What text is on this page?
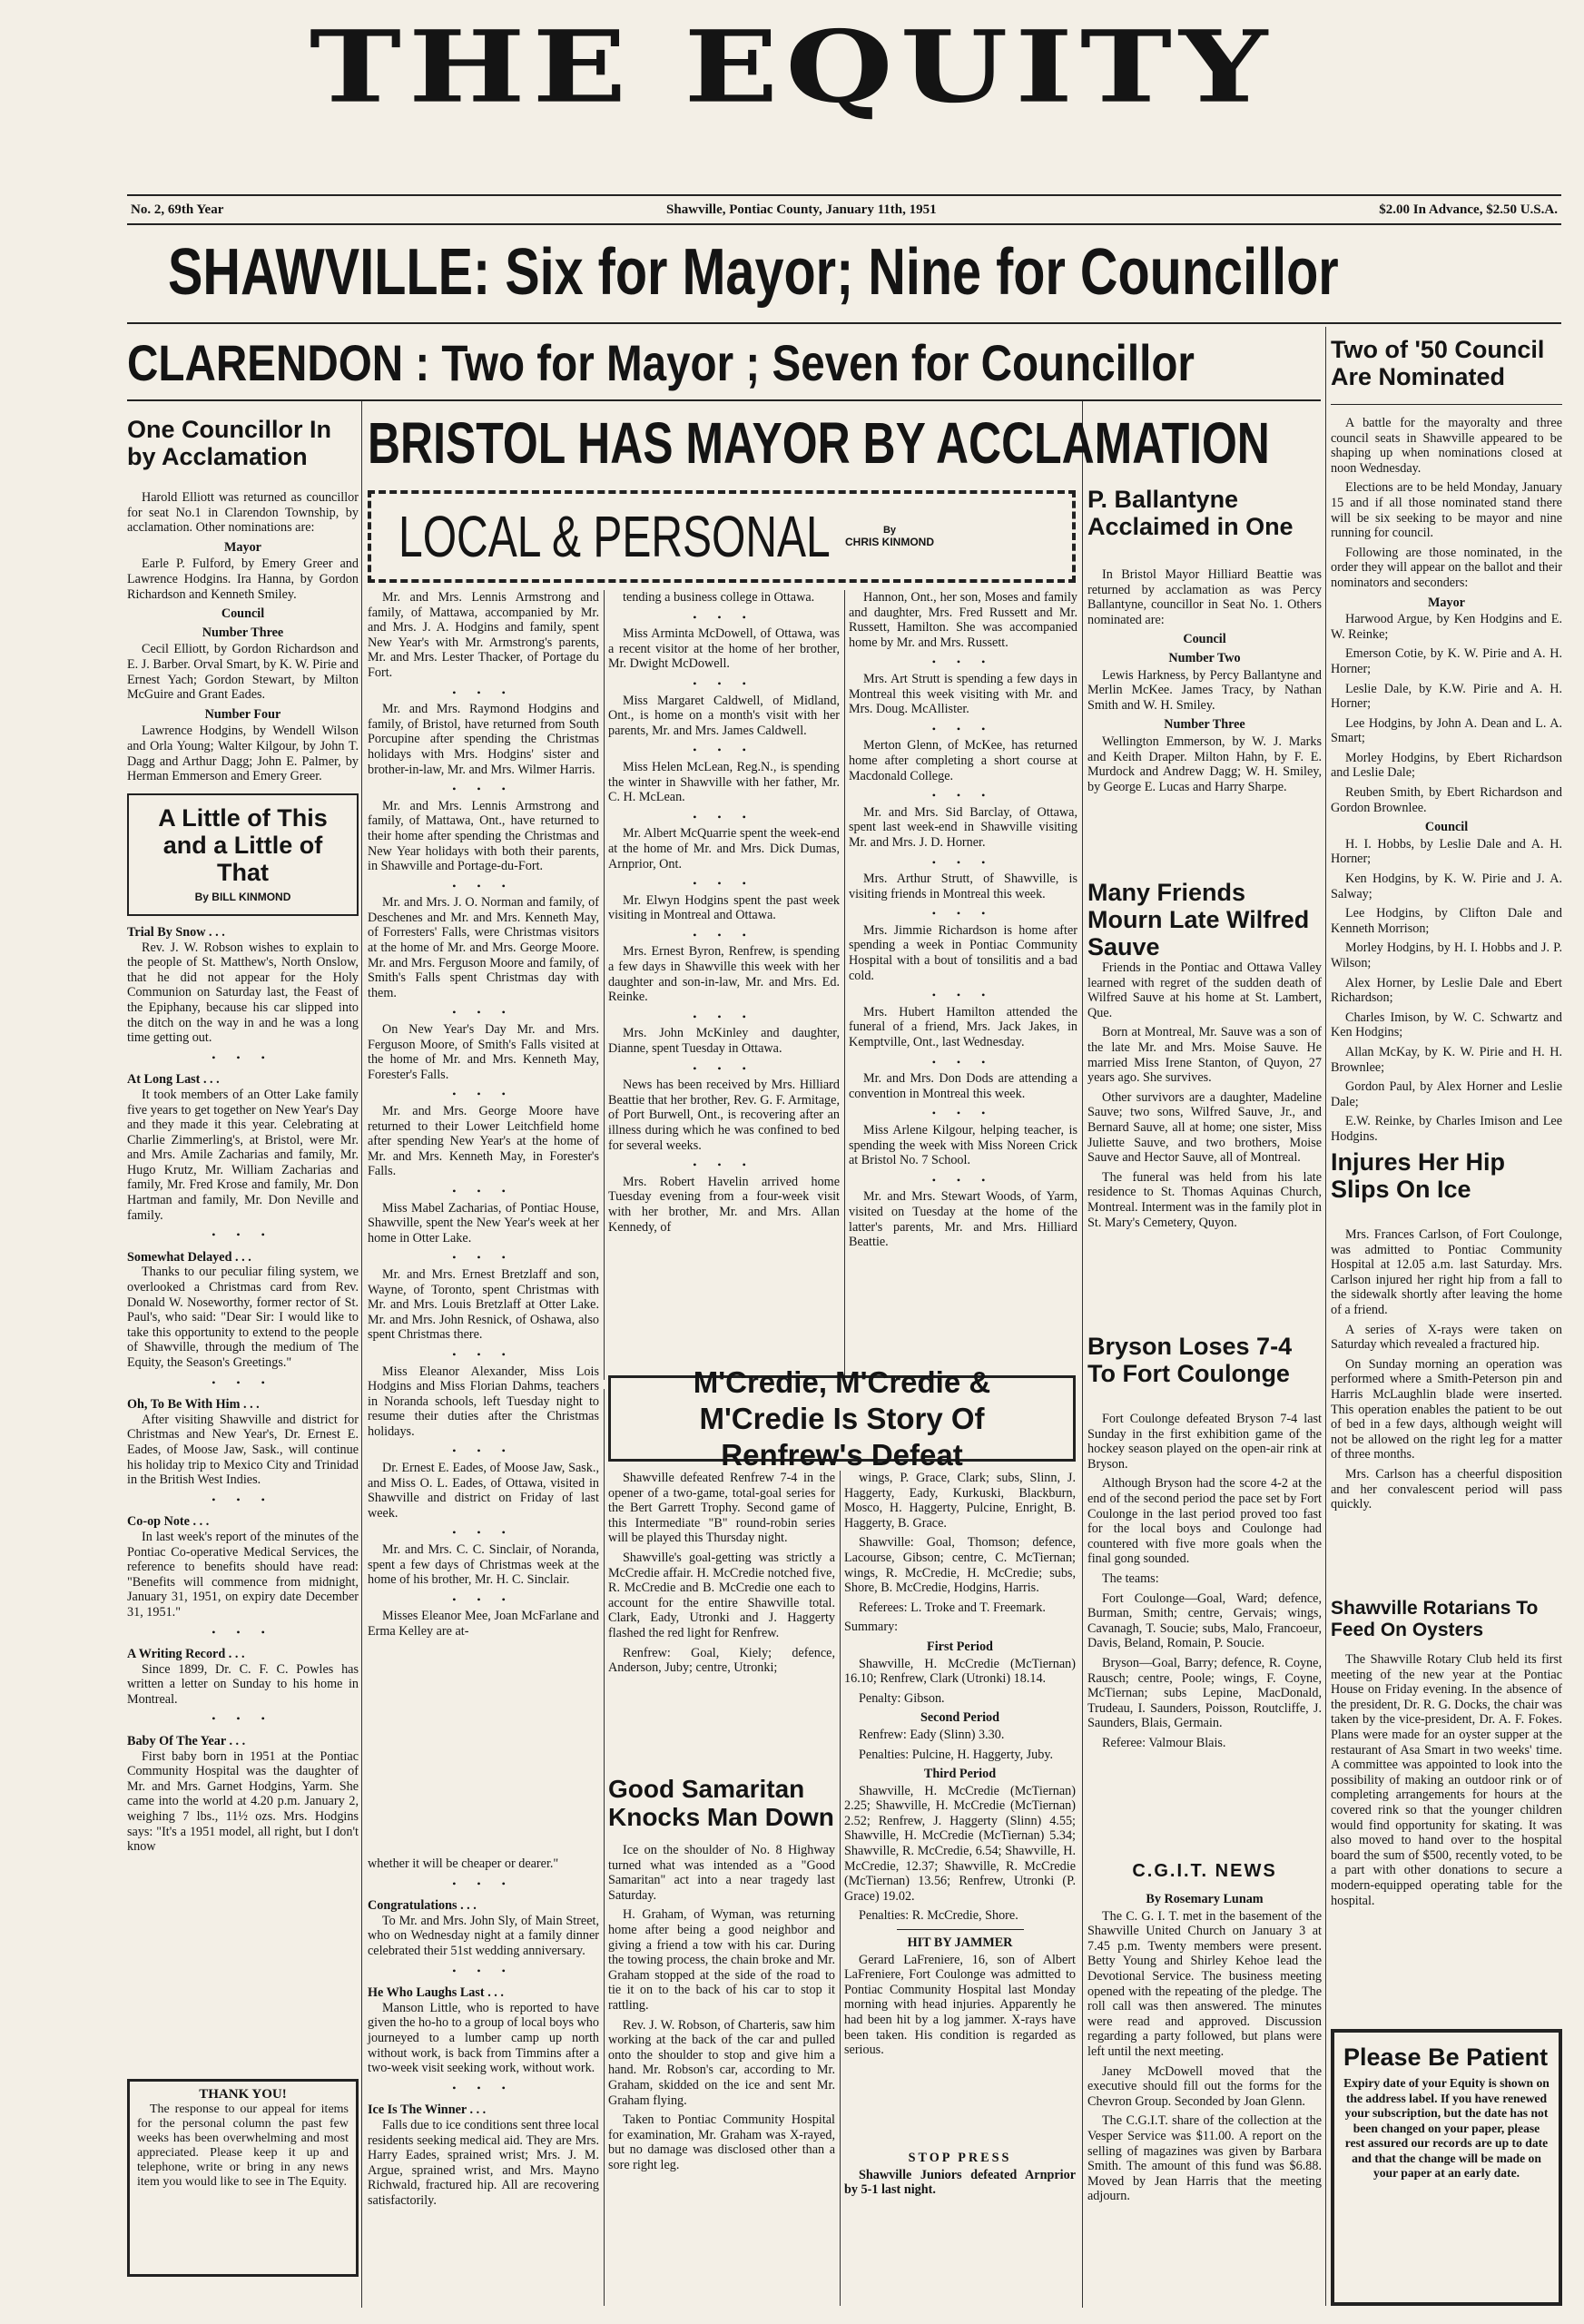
THE EQUITY
No. 2, 69th Year	Shawville, Pontiac County, January 11th, 1951	$2.00 In Advance, $2.50 U.S.A.
SHAWVILLE: Six for Mayor; Nine for Councillor
CLARENDON : Two for Mayor ; Seven for Councillor
One Councillor In by Acclamation

Harold Elliott was returned as councillor for seat No.1 in Clarendon Township, by acclamation. Other nominations are:

Mayor

Earle P. Fulford, by Emery Greer and Lawrence Hodgins. Ira Hanna, by Gordon Richardson and Kenneth Smiley.

Council

Number Three

Cecil Elliott, by Gordon Richardson and E. J. Barber. Orval Smart, by K. W. Pirie and Ernest Yach; Gordon Stewart, by Milton McGuire and Grant Eades.

Number Four

Lawrence Hodgins, by Wendell Wilson and Orla Young; Walter Kilgour, by John T. Dagg and Arthur Dagg; John E. Palmer, by Herman Emmerson and Emery Greer.

A Little of This and a Little of That
By BILL KINMOND

Trial By Snow . . .

Rev. J. W. Robson wishes to explain to the people of St. Matthew's, North Onslow, that he did not appear for the Holy Communion on Saturday last, the Feast of the Epiphany, because his car slipped into the ditch on the way in and he was a long time getting out.

• • •

At Long Last . . .

It took members of an Otter Lake family five years to get together on New Year's Day and they made it this year. Celebrating at Charlie Zimmerling's, at Bristol, were Mr. and Mrs. Amile Zacharias and family, Mr. Hugo Krutz, Mr. William Zacharias and family, Mr. Fred Krose and family, Mr. Don Hartman and family, Mr. Don Neville and family.

• • •

Somewhat Delayed . . .

Thanks to our peculiar filing system, we overlooked a Christmas card from Rev. Donald W. Noseworthy, former rector of St. Paul's, who said: "Dear Sir: I would like to take this opportunity to extend to the people of Shawville, through the medium of The Equity, the Season's Greetings."

• • •

Oh, To Be With Him . . .

After visiting Shawville and district for Christmas and New Year's, Dr. Ernest E. Eades, of Moose Jaw, Sask., will continue his holiday trip to Mexico City and Trinidad in the British West Indies.

• • •

Co-op Note . . .

In last week's report of the minutes of the Pontiac Co-operative Medical Services, the reference to benefits should have read: "Benefits will commence from midnight, January 31, 1951, on expiry date December 31, 1951."

• • •

A Writing Record . . .

Since 1899, Dr. C. F. C. Powles has written a letter on Sunday to his home in Montreal.

• • •

Baby Of The Year . . .

First baby born in 1951 at the Pontiac Community Hospital was the daughter of Mr. and Mrs. Garnet Hodgins, Yarm. She came into the world at 4.20 p.m. January 2, weighing 7 lbs., 11½ ozs. Mrs. Hodgins says: "It's a 1951 model, all right, but I don't know

THANK YOU!
The response to our appeal for items for the personal column the past few weeks has been overwhelming and most appreciated. Please keep it up and telephone, write or bring in any news item you would like to see in The Equity.
BRISTOL HAS MAYOR BY ACCLAMATION
LOCAL & PERSONAL	By
CHRIS KINMOND

Mr. and Mrs. Lennis Armstrong and family, of Mattawa, accompanied by Mr. and Mrs. J. A. Hodgins and family, spent New Year's with Mr. Armstrong's parents, Mr. and Mrs. Lester Thacker, of Portage du Fort.

• • •

Mr. and Mrs. Raymond Hodgins and family, of Bristol, have returned from South Porcupine after spending the Christmas holidays with Mrs. Hodgins' sister and brother-in-law, Mr. and Mrs. Wilmer Harris.

• • •

Mr. and Mrs. Lennis Armstrong and family, of Mattawa, Ont., have returned to their home after spending the Christmas and New Year holidays with both their parents, in Shawville and Portage-du-Fort.

• • •

Mr. and Mrs. J. O. Norman and family, of Deschenes and Mr. and Mrs. Kenneth May, of Forresters' Falls, were Christmas visitors at the home of Mr. and Mrs. George Moore. Mr. and Mrs. Ferguson Moore and family, of Smith's Falls spent Christmas day with them.

• • •

On New Year's Day Mr. and Mrs. Ferguson Moore, of Smith's Falls visited at the home of Mr. and Mrs. Kenneth May, Forester's Falls.

• • •

Mr. and Mrs. George Moore have returned to their Lower Leitchfield home after spending New Year's at the home of Mr. and Mrs. Kenneth May, in Forester's Falls.

• • •

Miss Mabel Zacharias, of Pontiac House, Shawville, spent the New Year's week at her home in Otter Lake.

• • •

Mr. and Mrs. Ernest Bretzlaff and son, Wayne, of Toronto, spent Christmas with Mr. and Mrs. Louis Bretzlaff at Otter Lake. Mr. and Mrs. John Resnick, of Oshawa, also spent Christmas there.

• • •

Miss Eleanor Alexander, Miss Lois Hodgins and Miss Florian Dahms, teachers in Noranda schools, left Tuesday night to resume their duties after the Christmas holidays.

• • •

Dr. Ernest E. Eades, of Moose Jaw, Sask., and Miss O. L. Eades, of Ottawa, visited in Shawville and district on Friday of last week.

• • •

Mr. and Mrs. C. C. Sinclair, of Noranda, spent a few days of Christmas week at the home of his brother, Mr. H. C. Sinclair.

• • •

Misses Eleanor Mee, Joan McFarlane and Erma Kelley are at-

tending a business college in Ottawa.

• • •

Miss Arminta McDowell, of Ottawa, was a recent visitor at the home of her brother, Mr. Dwight McDowell.

• • •

Miss Margaret Caldwell, of Midland, Ont., is home on a month's visit with her parents, Mr. and Mrs. James Caldwell.

• • •

Miss Helen McLean, Reg.N., is spending the winter in Shawville with her father, Mr. C. H. McLean.

• • •

Mr. Albert McQuarrie spent the week-end at the home of Mr. and Mrs. Dick Dumas, Arnprior, Ont.

• • •

Mr. Elwyn Hodgins spent the past week visiting in Montreal and Ottawa.

• • •

Mrs. Ernest Byron, Renfrew, is spending a few days in Shawville this week with her daughter and son-in-law, Mr. and Mrs. Ed. Reinke.

• • •

Mrs. John McKinley and daughter, Dianne, spent Tuesday in Ottawa.

• • •

News has been received by Mrs. Hilliard Beattie that her brother, Rev. G. F. Armitage, of Port Burwell, Ont., is recovering after an illness during which he was confined to bed for several weeks.

• • •

Mrs. Robert Havelin arrived home Tuesday evening from a four-week visit with her brother, Mr. and Mrs. Allan Kennedy, of

Hannon, Ont., her son, Moses and family and daughter, Mrs. Fred Russett and Mr. Russett, Hamilton. She was accompanied home by Mr. and Mrs. Russett.

• • •

Mrs. Art Strutt is spending a few days in Montreal this week visiting with Mr. and Mrs. Doug. McAllister.

• • •

Merton Glenn, of McKee, has returned home after completing a short course at Macdonald College.

• • •

Mr. and Mrs. Sid Barclay, of Ottawa, spent last week-end in Shawville visiting Mr. and Mrs. J. D. Horner.

• • •

Mrs. Arthur Strutt, of Shawville, is visiting friends in Montreal this week.

• • •

Mrs. Jimmie Richardson is home after spending a week in Pontiac Community Hospital with a bout of tonsilitis and a bad cold.

• • •

Mrs. Hubert Hamilton attended the funeral of a friend, Mrs. Jack Jakes, in Kemptville, Ont., last Wednesday.

• • •

Mr. and Mrs. Don Dods are attending a convention in Montreal this week.

• • •

Miss Arlene Kilgour, helping teacher, is spending the week with Miss Noreen Crick at Bristol No. 7 School.

• • •

Mr. and Mrs. Stewart Woods, of Yarm, visited on Tuesday at the home of the latter's parents, Mr. and Mrs. Hilliard Beattie.

whether it will be cheaper or dearer."

• • •

Congratulations . . .

To Mr. and Mrs. John Sly, of Main Street, who on Wednesday night at a family dinner celebrated their 51st wedding anniversary.

• • •

He Who Laughs Last . . .

Manson Little, who is reported to have given the ho-ho to a group of local boys who journeyed to a lumber camp up north without work, is back from Timmins after a two-week visit seeking work, without work.

• • •

Ice Is The Winner . . .

Falls due to ice conditions sent three local residents seeking medical aid. They are Mrs. Harry Eades, sprained wrist; Mrs. J. M. Argue, sprained wrist, and Mrs. Mayno Richwald, fractured hip. All are recovering satisfactorily.

M'Credie, M'Credie & M'Credie Is Story Of Renfrew's Defeat

Shawville defeated Renfrew 7-4 in the opener of a two-game, total-goal series for the Bert Garrett Trophy. Second game of this Intermediate "B" round-robin series will be played this Thursday night.

Shawville's goal-getting was strictly a McCredie affair. H. McCredie notched five, R. McCredie and B. McCredie one each to account for the entire Shawville total. Clark, Eady, Utronki and J. Haggerty flashed the red light for Renfrew.

Renfrew: Goal, Kiely; defence, Anderson, Juby; centre, Utronki;

wings, P. Grace, Clark; subs, Slinn, J. Haggerty, Eady, Kurkuski, Blackburn, Mosco, H. Haggerty, Pulcine, Enright, B. Haggerty, B. Grace.

Shawville: Goal, Thomson; defence, Lacourse, Gibson; centre, C. McTiernan; wings, R. McCredie, H. McCredie; subs, Shore, B. McCredie, Hodgins, Harris.

Referees: L. Troke and T. Freemark.

Summary:

First Period

Shawville, H. McCredie (McTiernan) 16.10; Renfrew, Clark (Utronki) 18.14.

Penalty: Gibson.

Second Period

Renfrew: Eady (Slinn) 3.30.

Penalties: Pulcine, H. Haggerty, Juby.

Third Period

Shawville, H. McCredie (McTiernan) 2.25; Shawville, H. McCredie (McTiernan) 2.52; Renfrew, J. Haggerty (Slinn) 4.55; Shawville, H. McCredie (McTiernan) 5.34; Shawville, R. McCredie, 6.54; Shawville, H. McCredie, 12.37; Shawville, R. McCredie (McTiernan) 13.56; Renfrew, Utronki (P. Grace) 19.02.

Penalties: R. McCredie, Shore.

HIT BY JAMMER

Gerard LaFreniere, 16, son of Albert LaFreniere, Fort Coulonge was admitted to Pontiac Community Hospital last Monday morning with head injuries. Apparently he had been hit by a log jammer. X-rays have been taken. His condition is regarded as serious.

STOP PRESS

Shawville Juniors defeated Arnprior by 5-1 last night.

Good Samaritan Knocks Man Down

Ice on the shoulder of No. 8 Highway turned what was intended as a "Good Samaritan" act into a near tragedy last Saturday.

H. Graham, of Wyman, was returning home after being a good neighbor and giving a friend a tow with his car. During the towing process, the chain broke and Mr. Graham stopped at the side of the road to tie it on to the back of his car to stop it rattling.

Rev. J. W. Robson, of Charteris, saw him working at the back of the car and pulled onto the shoulder to stop and give him a hand. Mr. Robson's car, according to Mr. Graham, skidded on the ice and sent Mr. Graham flying.

Taken to Pontiac Community Hospital for examination, Mr. Graham was X-rayed, but no damage was disclosed other than a sore right leg.

P. Ballantyne Acclaimed in One

In Bristol Mayor Hilliard Beattie was returned by acclamation as was Percy Ballantyne, councillor in Seat No. 1. Others nominated are:

Council

Number Two

Lewis Harkness, by Percy Ballantyne and Merlin McKee. James Tracy, by Nathan Smith and W. H. Smiley.

Number Three

Wellington Emmerson, by W. J. Marks and Keith Draper. Milton Hahn, by F. E. Murdock and Andrew Dagg; W. H. Smiley, by George E. Lucas and Harry Sharpe.

Many Friends Mourn Late Wilfred Sauve

Friends in the Pontiac and Ottawa Valley learned with regret of the sudden death of Wilfred Sauve at his home at St. Lambert, Que.

Born at Montreal, Mr. Sauve was a son of the late Mr. and Mrs. Moise Sauve. He married Miss Irene Stanton, of Quyon, 27 years ago. She survives.

Other survivors are a daughter, Madeline Sauve; two sons, Wilfred Sauve, Jr., and Bernard Sauve, all at home; one sister, Miss Juliette Sauve, and two brothers, Moise Sauve and Hector Sauve, all of Montreal.

The funeral was held from his late residence to St. Thomas Aquinas Church, Montreal. Interment was in the family plot in St. Mary's Cemetery, Quyon.

Bryson Loses 7-4 To Fort Coulonge

Fort Coulonge defeated Bryson 7-4 last Sunday in the first exhibition game of the hockey season played on the open-air rink at Bryson.

Although Bryson had the score 4-2 at the end of the second period the pace set by Fort Coulonge in the last period proved too fast for the local boys and Coulonge had countered with five more goals when the final gong sounded.

The teams:

Fort Coulonge—Goal, Ward; defence, Burman, Smith; centre, Gervais; wings, Cavanagh, T. Soucie; subs, Malo, Francoeur, Davis, Beland, Romain, P. Soucie.

Bryson—Goal, Barry; defence, R. Coyne, Rausch; centre, Poole; wings, F. Coyne, McTiernan; subs Lepine, MacDonald, Trudeau, I. Saunders, Poisson, Routcliffe, J. Saunders, Blais, Germain.

Referee: Valmour Blais.

C.G.I.T. NEWS

By Rosemary Lunam

The C. G. I. T. met in the basement of the Shawville United Church on January 3 at 7.45 p.m. Twenty members were present. Betty Young and Shirley Kehoe lead the Devotional Service. The business meeting opened with the repeating of the pledge. The roll call was then answered. The minutes were read and approved. Discussion regarding a party followed, but plans were left until the next meeting.

Janey McDowell moved that the executive should fill out the forms for the Chevron Group. Seconded by Joan Glenn.

The C.G.I.T. share of the collection at the Vesper Service was $11.00. A report on the selling of magazines was given by Barbara Smith. The amount of this fund was $6.88. Moved by Jean Harris that the meeting adjourn.

Two of '50 Council Are Nominated

A battle for the mayoralty and three council seats in Shawville appeared to be shaping up when nominations closed at noon Wednesday.

Elections are to be held Monday, January 15 and if all those nominated stand there will be six seeking to be mayor and nine running for council.

Following are those nominated, in the order they will appear on the ballot and their nominators and seconders:

Mayor

Harwood Argue, by Ken Hodgins and E. W. Reinke;

Emerson Cotie, by K. W. Pirie and A. H. Horner;

Leslie Dale, by K.W. Pirie and A. H. Horner;

Lee Hodgins, by John A. Dean and L. A. Smart;

Morley Hodgins, by Ebert Richardson and Leslie Dale;

Reuben Smith, by Ebert Richardson and Gordon Brownlee.

Council

H. I. Hobbs, by Leslie Dale and A. H. Horner;

Ken Hodgins, by K. W. Pirie and J. A. Salway;

Lee Hodgins, by Clifton Dale and Kenneth Morrison;

Morley Hodgins, by H. I. Hobbs and J. P. Wilson;

Alex Horner, by Leslie Dale and Ebert Richardson;

Charles Imison, by W. C. Schwartz and Ken Hodgins;

Allan McKay, by K. W. Pirie and H. H. Brownlee;

Gordon Paul, by Alex Horner and Leslie Dale;

E.W. Reinke, by Charles Imison and Lee Hodgins.

Injures Her Hip Slips On Ice

Mrs. Frances Carlson, of Fort Coulonge, was admitted to Pontiac Community Hospital at 12.05 a.m. last Saturday. Mrs. Carlson injured her right hip from a fall to the sidewalk shortly after leaving the home of a friend.

A series of X-rays were taken on Saturday which revealed a fractured hip.

On Sunday morning an operation was performed where a Smith-Peterson pin and Harris McLaughlin blade were inserted. This operation enables the patient to be out of bed in a few days, although weight will not be allowed on the right leg for a matter of three months.

Mrs. Carlson has a cheerful disposition and her convalescent period will pass quickly.

Shawville Rotarians To Feed On Oysters

The Shawville Rotary Club held its first meeting of the new year at the Pontiac House on Friday evening. In the absence of the president, Dr. R. G. Docks, the chair was taken by the vice-president, Dr. A. F. Fokes. Plans were made for an oyster supper at the restaurant of Asa Smart in two weeks' time. A committee was appointed to look into the possibility of making an outdoor rink or of completing arrangements for hours at the covered rink so that the younger children would find opportunity for skating. It was also moved to hand over to the hospital board the sum of $500, recently voted, to be a part with other donations to secure a modern-equipped operating table for the hospital.

Please Be Patient
Expiry date of your Equity is shown on the address label. If you have renewed your subscription, but the date has not been changed on your paper, please rest assured our records are up to date and that the change will be made on your paper at an early date.
